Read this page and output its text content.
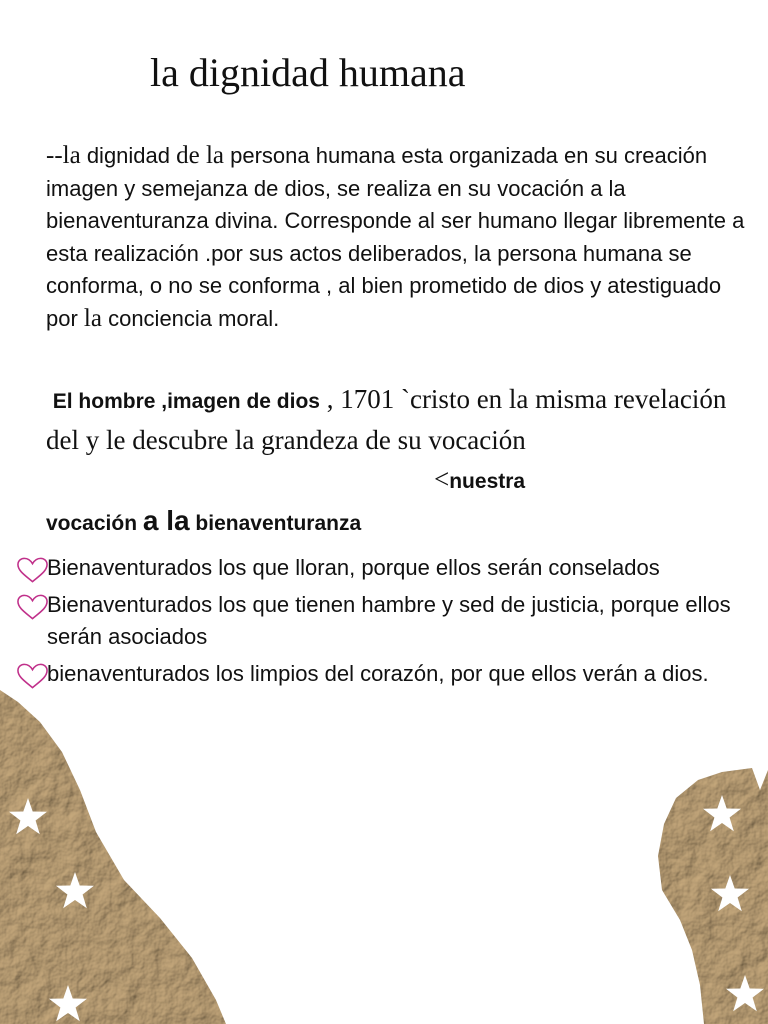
la dignidad humana

--la dignidad de la persona humana esta organizada en su creación imagen y semejanza de dios, se realiza en su vocación a la bienaventuranza divina. Corresponde al ser humano llegar libremente a esta realización .por sus actos deliberados, la persona humana se conforma, o no se conforma , al bien prometido de dios y atestiguado por la conciencia moral.

El hombre ,imagen de dios , 1701 `cristo en la misma revelación del y le descubre la grandeza de su vocación<nuestra
vocación a la bienaventuranza

Bienaventurados los que lloran, porque ellos serán conselados
Bienaventurados los que tienen hambre y sed de justicia, porque ellos serán asociados
bienaventurados los limpios del corazón, por que ellos verán a dios.
